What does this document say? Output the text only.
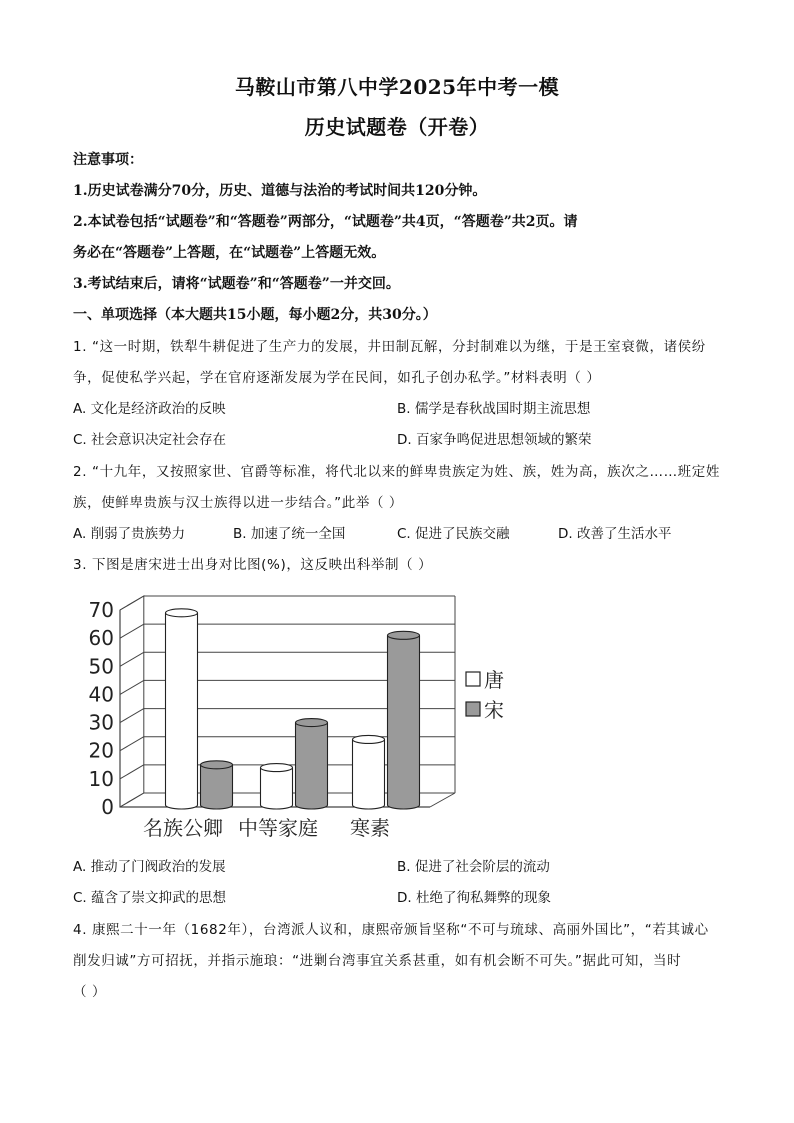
马鞍山市第八中学2025年中考一模
历史试题卷（开卷）
注意事项：
1.历史试卷满分70分，历史、道德与法治的考试时间共120分钟。
2.本试卷包括“试题卷”和“答题卷”两部分，“试题卷”共4页，“答题卷”共2页。请
务必在“答题卷”上答题，在“试题卷”上答题无效。
3.考试结束后，请将“试题卷”和“答题卷”一并交回。
一、单项选择（本大题共15小题，每小题2分，共30分。）
1. “这一时期，铁犁牛耕促进了生产力的发展，井田制瓦解，分封制难以为继，于是王室衰微，诸侯纷
争，促使私学兴起，学在官府逐渐发展为学在民间，如孔子创办私学。”材料表明（ ）
A. 文化是经济政治的反映	B. 儒学是春秋战国时期主流思想
C. 社会意识决定社会存在	D. 百家争鸣促进思想领域的繁荣
2. “十九年，又按照家世、官爵等标准，将代北以来的鲜卑贵族定为姓、族，姓为高，族次之……班定姓
族，使鲜卑贵族与汉士族得以进一步结合。”此举（ ）
A. 削弱了贵族势力	B. 加速了统一全国	C. 促进了民族交融	D. 改善了生活水平
3. 下图是唐宋进士出身对比图(%)，这反映出科举制（ ）
0
10
20
30
40
50
60
70
名族公卿 中等家庭 寒素
唐
宋
A. 推动了门阀政治的发展	B. 促进了社会阶层的流动
C. 蕴含了崇文抑武的思想	D. 杜绝了徇私舞弊的现象
4. 康熙二十一年（1682年），台湾派人议和，康熙帝颁旨坚称“不可与琉球、高丽外国比”，“若其诚心
削发归诚”方可招抚，并指示施琅：“进剿台湾事宜关系甚重，如有机会断不可失。”据此可知，当时
（ ）
